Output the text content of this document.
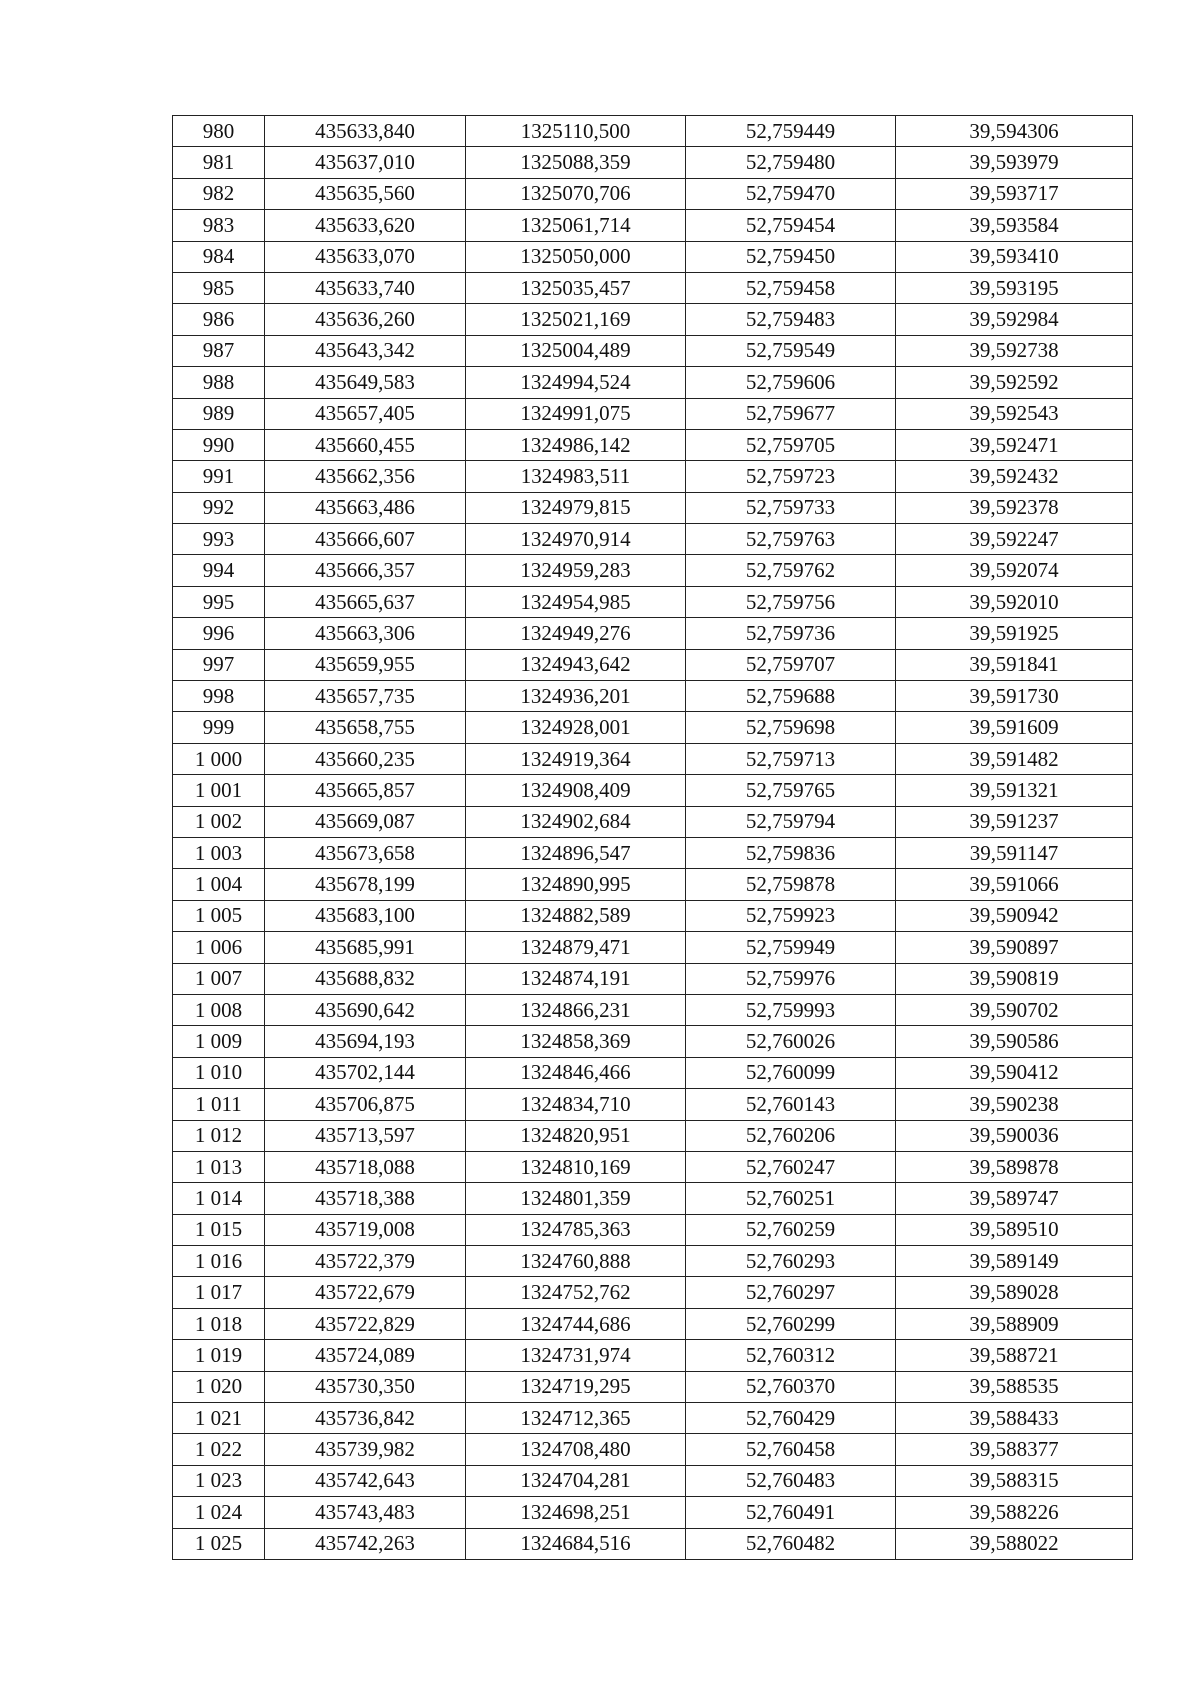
980	435633,840	1325110,500	52,759449	39,594306
981	435637,010	1325088,359	52,759480	39,593979
982	435635,560	1325070,706	52,759470	39,593717
983	435633,620	1325061,714	52,759454	39,593584
984	435633,070	1325050,000	52,759450	39,593410
985	435633,740	1325035,457	52,759458	39,593195
986	435636,260	1325021,169	52,759483	39,592984
987	435643,342	1325004,489	52,759549	39,592738
988	435649,583	1324994,524	52,759606	39,592592
989	435657,405	1324991,075	52,759677	39,592543
990	435660,455	1324986,142	52,759705	39,592471
991	435662,356	1324983,511	52,759723	39,592432
992	435663,486	1324979,815	52,759733	39,592378
993	435666,607	1324970,914	52,759763	39,592247
994	435666,357	1324959,283	52,759762	39,592074
995	435665,637	1324954,985	52,759756	39,592010
996	435663,306	1324949,276	52,759736	39,591925
997	435659,955	1324943,642	52,759707	39,591841
998	435657,735	1324936,201	52,759688	39,591730
999	435658,755	1324928,001	52,759698	39,591609
1 000	435660,235	1324919,364	52,759713	39,591482
1 001	435665,857	1324908,409	52,759765	39,591321
1 002	435669,087	1324902,684	52,759794	39,591237
1 003	435673,658	1324896,547	52,759836	39,591147
1 004	435678,199	1324890,995	52,759878	39,591066
1 005	435683,100	1324882,589	52,759923	39,590942
1 006	435685,991	1324879,471	52,759949	39,590897
1 007	435688,832	1324874,191	52,759976	39,590819
1 008	435690,642	1324866,231	52,759993	39,590702
1 009	435694,193	1324858,369	52,760026	39,590586
1 010	435702,144	1324846,466	52,760099	39,590412
1 011	435706,875	1324834,710	52,760143	39,590238
1 012	435713,597	1324820,951	52,760206	39,590036
1 013	435718,088	1324810,169	52,760247	39,589878
1 014	435718,388	1324801,359	52,760251	39,589747
1 015	435719,008	1324785,363	52,760259	39,589510
1 016	435722,379	1324760,888	52,760293	39,589149
1 017	435722,679	1324752,762	52,760297	39,589028
1 018	435722,829	1324744,686	52,760299	39,588909
1 019	435724,089	1324731,974	52,760312	39,588721
1 020	435730,350	1324719,295	52,760370	39,588535
1 021	435736,842	1324712,365	52,760429	39,588433
1 022	435739,982	1324708,480	52,760458	39,588377
1 023	435742,643	1324704,281	52,760483	39,588315
1 024	435743,483	1324698,251	52,760491	39,588226
1 025	435742,263	1324684,516	52,760482	39,588022
